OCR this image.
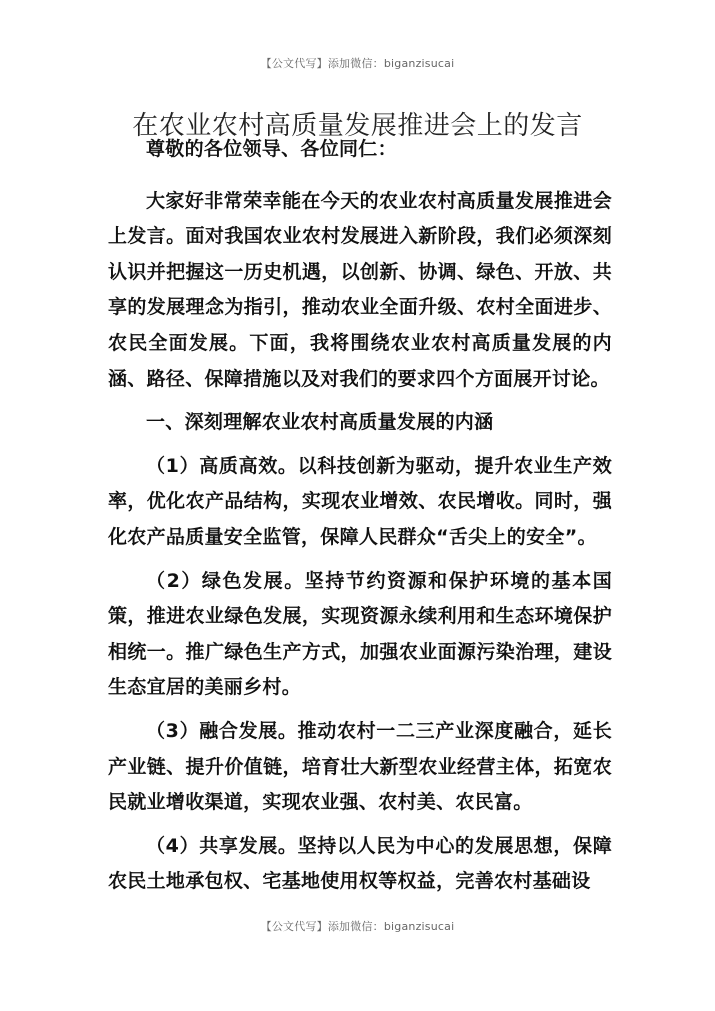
【公文代写】添加微信：biganzisucai
在农业农村高质量发展推进会上的发言

尊敬的各位领导、各位同仁：

大家好非常荣幸能在今天的农业农村高质量发展推进会上发言。面对我国农业农村发展进入新阶段，我们必须深刻认识并把握这一历史机遇，以创新、协调、绿色、开放、共享的发展理念为指引，推动农业全面升级、农村全面进步、农民全面发展。下面，我将围绕农业农村高质量发展的内涵、路径、保障措施以及对我们的要求四个方面展开讨论。

一、深刻理解农业农村高质量发展的内涵

（1）高质高效。以科技创新为驱动，提升农业生产效率，优化农产品结构，实现农业增效、农民增收。同时，强化农产品质量安全监管，保障人民群众“舌尖上的安全”。

（2）绿色发展。坚持节约资源和保护环境的基本国策，推进农业绿色发展，实现资源永续利用和生态环境保护相统一。推广绿色生产方式，加强农业面源污染治理，建设生态宜居的美丽乡村。

（3）融合发展。推动农村一二三产业深度融合，延长产业链、提升价值链，培育壮大新型农业经营主体，拓宽农民就业增收渠道，实现农业强、农村美、农民富。

（4）共享发展。坚持以人民为中心的发展思想，保障农民土地承包权、宅基地使用权等权益，完善农村基础设

【公文代写】添加微信：biganzisucai
